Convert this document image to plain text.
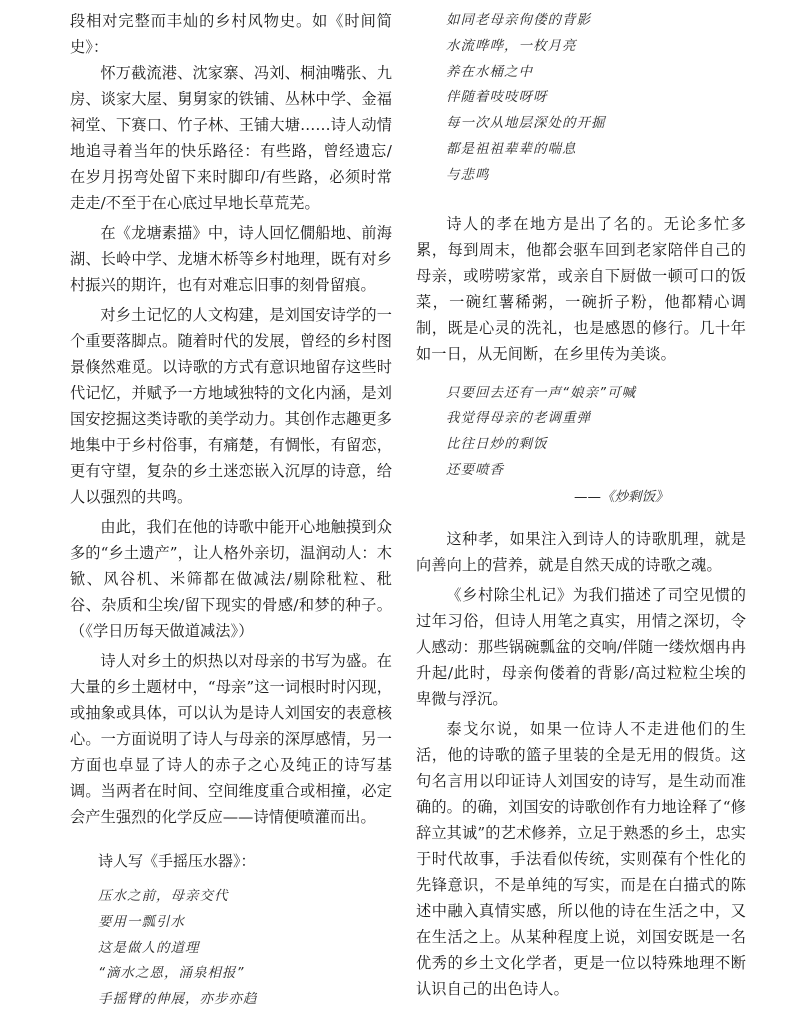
段相对完整而丰灿的乡村风物史。如《时间简史》：

怀万截流港、沈家寨、冯刘、桐油嘴张、九房、谈家大屋、舅舅家的铁铺、丛林中学、金福祠堂、下赛口、竹子林、王铺大塘……诗人动情地追寻着当年的快乐路径：有些路，曾经遗忘/在岁月拐弯处留下来时脚印/有些路，必须时常走走/不至于在心底过早地长草荒芜。

在《龙塘素描》中，诗人回忆僩船地、前海湖、长岭中学、龙塘木桥等乡村地理，既有对乡村振兴的期许，也有对难忘旧事的刻骨留痕。

对乡土记忆的人文构建，是刘国安诗学的一个重要落脚点。随着时代的发展，曾经的乡村图景倏然难觅。以诗歌的方式有意识地留存这些时代记忆，并赋予一方地域独特的文化内涵，是刘国安挖掘这类诗歌的美学动力。其创作志趣更多地集中于乡村俗事，有痛楚，有惆怅，有留恋，更有守望，复杂的乡土迷恋嵌入沉厚的诗意，给人以强烈的共鸣。

由此，我们在他的诗歌中能开心地触摸到众多的“乡土遗产”，让人格外亲切，温润动人：木锨、风谷机、米筛都在做减法/剔除秕粒、秕谷、杂质和尘埃/留下现实的骨感/和梦的种子。（《学日历每天做道减法》）

诗人对乡土的炽热以对母亲的书写为盛。在大量的乡土题材中，“母亲”这一词根时时闪现，或抽象或具体，可以认为是诗人刘国安的表意核心。一方面说明了诗人与母亲的深厚感情，另一方面也卓显了诗人的赤子之心及纯正的诗写基调。当两者在时间、空间维度重合或相撞，必定会产生强烈的化学反应——诗情便喷灌而出。

诗人写《手摇压水器》：
压水之前，母亲交代
要用一瓢引水
这是做人的道理
“滴水之恩，涌泉相报”
手摇臂的伸展，亦步亦趋
如同老母亲佝偻的背影
水流哗哗，一枚月亮
养在水桶之中
伴随着吱吱呀呀
每一次从地层深处的开掘
都是祖祖辈辈的喘息
与悲鸣

诗人的孝在地方是出了名的。无论多忙多累，每到周末，他都会驱车回到老家陪伴自己的母亲，或唠唠家常，或亲自下厨做一顿可口的饭菜，一碗红薯稀粥，一碗折子粉，他都精心调制，既是心灵的洗礼，也是感恩的修行。几十年如一日，从无间断，在乡里传为美谈。

只要回去还有一声“娘亲”可喊
我觉得母亲的老调重弹
比往日炒的剩饭
还要喷香
——《炒剩饭》

这种孝，如果注入到诗人的诗歌肌理，就是向善向上的营养，就是自然天成的诗歌之魂。

《乡村除尘札记》为我们描述了司空见惯的过年习俗，但诗人用笔之真实，用情之深切，令人感动：那些锅碗瓢盆的交响/伴随一缕炊烟冉冉升起/此时，母亲佝偻着的背影/高过粒粒尘埃的卑微与浮沉。

泰戈尔说，如果一位诗人不走进他们的生活，他的诗歌的篮子里装的全是无用的假货。这句名言用以印证诗人刘国安的诗写，是生动而准确的。的确，刘国安的诗歌创作有力地诠释了“修辞立其诚”的艺术修养，立足于熟悉的乡土，忠实于时代故事，手法看似传统，实则葆有个性化的先锋意识，不是单纯的写实，而是在白描式的陈述中融入真情实感，所以他的诗在生活之中，又在生活之上。从某种程度上说，刘国安既是一名优秀的乡土文化学者，更是一位以特殊地理不断认识自己的出色诗人。
